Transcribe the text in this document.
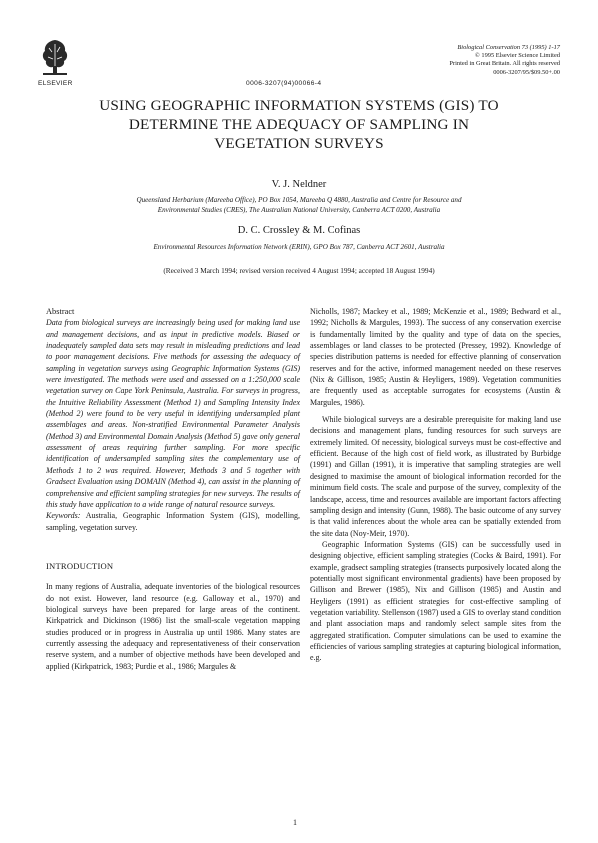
ELSEVIER	0006-3207(94)00066-4
Biological Conservation 73 (1995) 1-17
© 1995 Elsevier Science Limited
Printed in Great Britain. All rights reserved
0006-3207/95/$09.50+.00
USING GEOGRAPHIC INFORMATION SYSTEMS (GIS) TO
DETERMINE THE ADEQUACY OF SAMPLING IN
VEGETATION SURVEYS
V. J. Neldner
Queensland Herbarium (Mareeba Office), PO Box 1054, Mareeba Q 4880, Australia and Centre for Resource and
Environmental Studies (CRES), The Australian National University, Canberra ACT 0200, Australia
D. C. Crossley & M. Cofinas
Environmental Resources Information Network (ERIN), GPO Box 787, Canberra ACT 2601, Australia
(Received 3 March 1994; revised version received 4 August 1994; accepted 18 August 1994)
Abstract

Data from biological surveys are increasingly being used for making land use and management decisions, and as input in predictive models. Biased or inadequately sampled data sets may result in misleading predictions and lead to poor management decisions. Five methods for assessing the adequacy of sampling in vegetation surveys using Geographic Information Systems (GIS) were investigated. The methods were used and assessed on a 1:250,000 scale vegetation survey on Cape York Peninsula, Australia. For surveys in progress, the Intuitive Reliability Assessment (Method 1) and Sampling Intensity Index (Method 2) were found to be very useful in identifying undersampled plant assemblages and areas. Non-stratified Environmental Parameter Analysis (Method 3) and Environmental Domain Analysis (Method 5) gave only general assessment of areas requiring further sampling. For more specific identification of undersampled sampling sites the complementary use of Methods 1 to 2 was required. However, Methods 3 and 5 together with Gradsect Evaluation using DOMAIN (Method 4), can assist in the planning of comprehensive and efficient sampling strategies for new surveys. The results of this study have application to a wide range of natural resource surveys.

Keywords: Australia, Geographic Information System (GIS), modelling, sampling, vegetation survey.

INTRODUCTION

In many regions of Australia, adequate inventories of the biological resources do not exist. However, land resource (e.g. Galloway et al., 1970) and biological surveys have been prepared for large areas of the continent. Kirkpatrick and Dickinson (1986) list the small-scale vegetation mapping studies produced or in progress in Australia up until 1986. Many states are currently assessing the adequacy and representativeness of their conservation reserve system, and a number of objective methods have been developed and applied (Kirkpatrick, 1983; Purdie et al., 1986; Margules &

Nicholls, 1987; Mackey et al., 1989; McKenzie et al., 1989; Bedward et al., 1992; Nicholls & Margules, 1993). The success of any conservation exercise is fundamentally limited by the quality and type of data on the species, assemblages or land classes to be protected (Pressey, 1992). Knowledge of species distribution patterns is needed for effective planning of conservation reserves and for the active, informed management needed on these reserves (Nix & Gillison, 1985; Austin & Heyligers, 1989). Vegetation communities are frequently used as acceptable surrogates for ecosystems (Austin & Margules, 1986).

While biological surveys are a desirable prerequisite for making land use decisions and management plans, funding resources for such surveys are extremely limited. Of necessity, biological surveys must be cost-effective and efficient. Because of the high cost of field work, as illustrated by Burbidge (1991) and Gillan (1991), it is imperative that sampling strategies are well designed to maximise the amount of biological information recorded for the minimum field costs. The scale and purpose of the survey, complexity of the landscape, access, time and resources available are important factors affecting sampling design and intensity (Gunn, 1988). The basic outcome of any survey is that valid inferences about the whole area can be spatially extended from the site data (Noy-Meir, 1970).

Geographic Information Systems (GIS) can be successfully used in designing objective, efficient sampling strategies (Cocks & Baird, 1991). For example, gradsect sampling strategies (transects purposively located along the potentially most significant environmental gradients) have been proposed by Gillison and Brewer (1985), Nix and Gillison (1985) and Austin and Heyligers (1991) as efficient strategies for cost-effective sampling of vegetation variability. Stellenson (1987) used a GIS to overlay stand condition and plant association maps and randomly select sample sites from the aggregated stratification. Computer simulations can be used to examine the efficiencies of various sampling strategies at capturing biological information, e.g.

1
